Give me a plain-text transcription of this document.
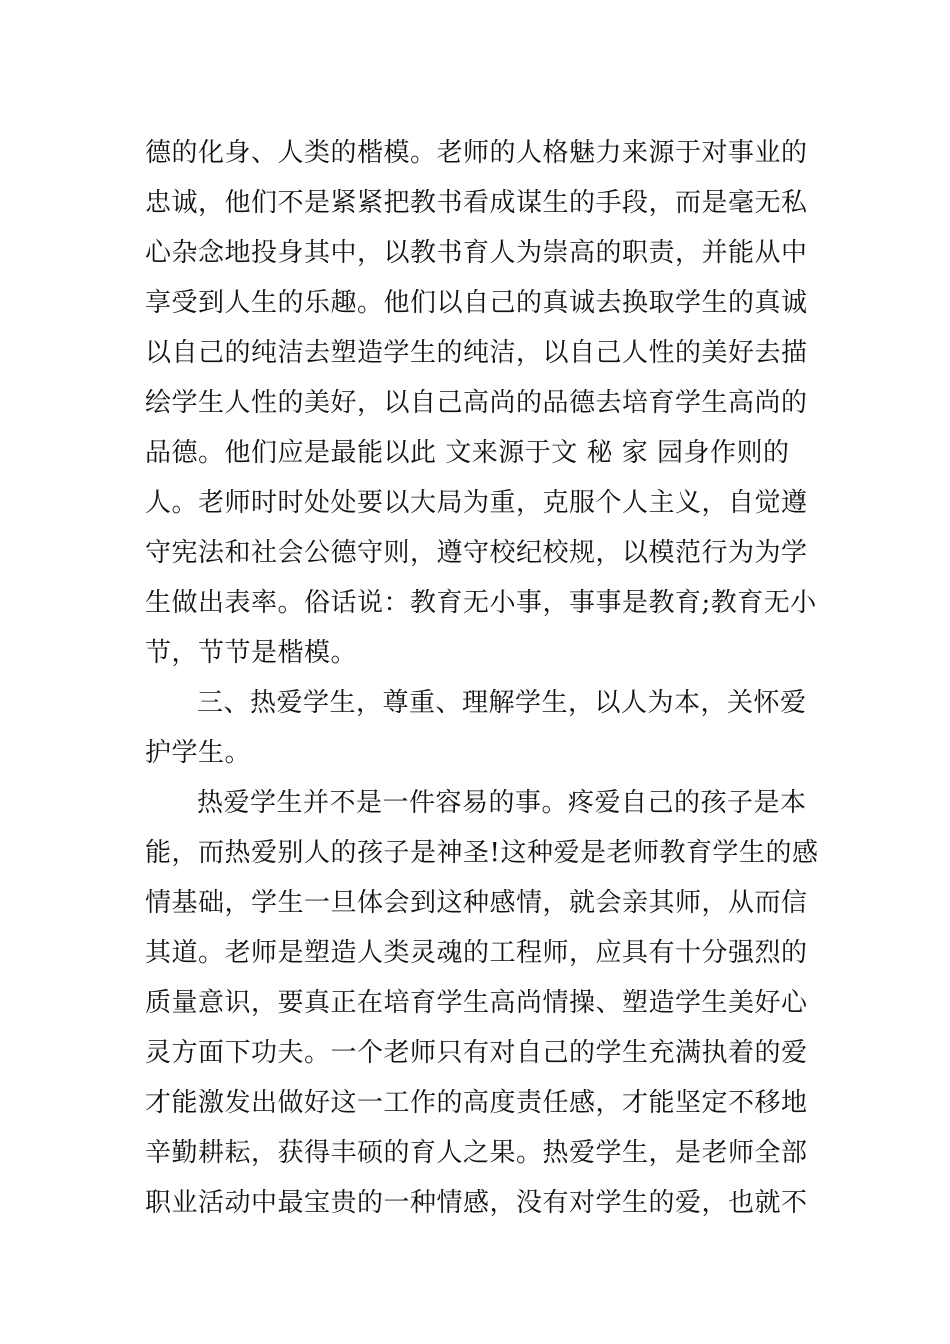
德的化身、人类的楷模。老师的人格魅力来源于对事业的
忠诚，他们不是紧紧把教书看成谋生的手段，而是毫无私
心杂念地投身其中，以教书育人为崇高的职责，并能从中
享受到人生的乐趣。他们以自己的真诚去换取学生的真诚
以自己的纯洁去塑造学生的纯洁，以自己人性的美好去描
绘学生人性的美好，以自己高尚的品德去培育学生高尚的
品德。他们应是最能以此 文来源于文 秘 家 园身作则的
人。老师时时处处要以大局为重，克服个人主义，自觉遵
守宪法和社会公德守则，遵守校纪校规，以模范行为为学
生做出表率。俗话说：教育无小事，事事是教育;教育无小
节，节节是楷模。
三、热爱学生，尊重、理解学生，以人为本，关怀爱
护学生。
热爱学生并不是一件容易的事。疼爱自己的孩子是本
能，而热爱别人的孩子是神圣!这种爱是老师教育学生的感
情基础，学生一旦体会到这种感情，就会亲其师，从而信
其道。老师是塑造人类灵魂的工程师，应具有十分强烈的
质量意识，要真正在培育学生高尚情操、塑造学生美好心
灵方面下功夫。一个老师只有对自己的学生充满执着的爱
才能激发出做好这一工作的高度责任感，才能坚定不移地
辛勤耕耘，获得丰硕的育人之果。热爱学生，是老师全部
职业活动中最宝贵的一种情感，没有对学生的爱，也就不
